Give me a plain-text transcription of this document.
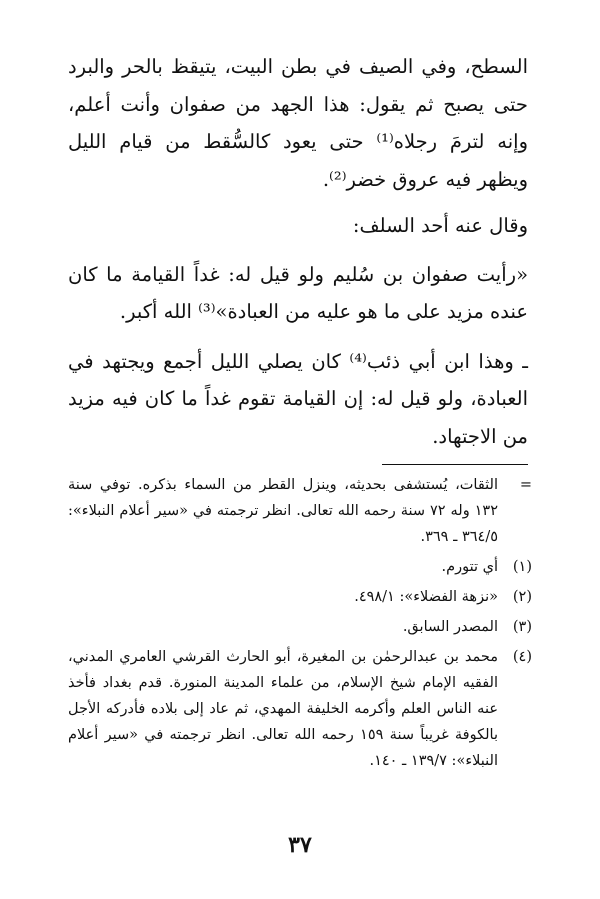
السطح، وفي الصيف في بطن البيت، يتيقظ بالحر والبرد حتى يصبح ثم يقول: هذا الجهد من صفوان وأنت أعلم، وإنه لترمَ رجلاه⁽¹⁾ حتى يعود كالسُّقط من قيام الليل ويظهر فيه عروق خضر⁽²⁾.

وقال عنه أحد السلف:

«رأيت صفوان بن سُليم ولو قيل له: غداً القيامة ما كان عنده مزيد على ما هو عليه من العبادة»⁽³⁾ الله أكبر.

ـ وهذا ابن أبي ذئب⁽⁴⁾ كان يصلي الليل أجمع ويجتهد في العبادة، ولو قيل له: إن القيامة تقوم غداً ما كان فيه مزيد من الاجتهاد.

=
الثقات، يُستشفى بحديثه، وينزل القطر من السماء بذكره. توفي سنة ١٣٢ وله ٧٢ سنة رحمه الله تعالى. انظر ترجمته في «سير أعلام النبلاء»: ٣٦٤/٥ ـ ٣٦٩.
(١)
أي تتورم.
(٢)
«نزهة الفضلاء»: ٤٩٨/١.
(٣)
المصدر السابق.
(٤)
محمد بن عبدالرحمٰن بن المغيرة، أبو الحارث القرشي العامري المدني، الفقيه الإمام شيخ الإسلام، من علماء المدينة المنورة. قدم بغداد فأخذ عنه الناس العلم وأكرمه الخليفة المهدي، ثم عاد إلى بلاده فأدركه الأجل بالكوفة غريباً سنة ١٥٩ رحمه الله تعالى. انظر ترجمته في «سير أعلام النبلاء»: ١٣٩/٧ ـ ١٤٠.
٣٧
